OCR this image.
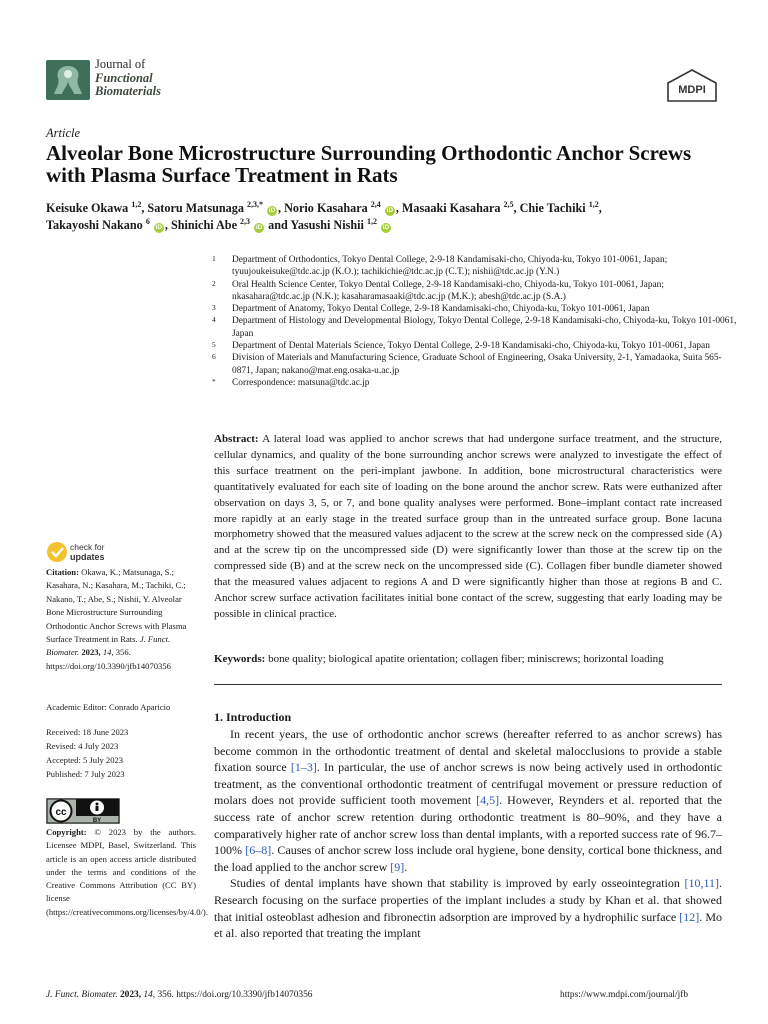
Journal of
Functional
Biomaterials	MDPI
Article
Alveolar Bone Microstructure Surrounding Orthodontic Anchor Screws with Plasma Surface Treatment in Rats
Keisuke Okawa $^{1,2}$, Satoru Matsunaga $^{2,3,*}$ iD , Norio Kasahara $^{2,4}$ iD , Masaaki Kasahara $^{2,5}$, Chie Tachiki $^{1,2}$,
Takayoshi Nakano $^6$ iD , Shinichi Abe $^{2,3}$ iD and Yasushi Nishii $^{1,2}$ iD
1 Department of Orthodontics, Tokyo Dental College, 2-9-18 Kandamisaki-cho, Chiyoda-ku, Tokyo 101-0061, Japan; tyuujoukeisuke@tdc.ac.jp (K.O.); tachikichie@tdc.ac.jp (C.T.); nishii@tdc.ac.jp (Y.N.)
2 Oral Health Science Center, Tokyo Dental College, 2-9-18 Kandamisaki-cho, Chiyoda-ku, Tokyo 101-0061, Japan; nkasahara@tdc.ac.jp (N.K.); kasaharamasaaki@tdc.ac.jp (M.K.); abesh@tdc.ac.jp (S.A.)
3 Department of Anatomy, Tokyo Dental College, 2-9-18 Kandamisaki-cho, Chiyoda-ku, Tokyo 101-0061, Japan
4 Department of Histology and Developmental Biology, Tokyo Dental College, 2-9-18 Kandamisaki-cho, Chiyoda-ku, Tokyo 101-0061, Japan
5 Department of Dental Materials Science, Tokyo Dental College, 2-9-18 Kandamisaki-cho, Chiyoda-ku, Tokyo 101-0061, Japan
6 Division of Materials and Manufacturing Science, Graduate School of Engineering, Osaka University, 2-1, Yamadaoka, Suita 565-0871, Japan; nakano@mat.eng.osaka-u.ac.jp
* Correspondence: matsuna@tdc.ac.jp

Abstract: A lateral load was applied to anchor screws that had undergone surface treatment, and the structure, cellular dynamics, and quality of the bone surrounding anchor screws were analyzed to investigate the effect of this surface treatment on the peri-implant jawbone. In addition, bone microstructural characteristics were quantitatively evaluated for each site of loading on the bone around the anchor screw. Rats were euthanized after observation on days 3, 5, or 7, and bone quality analyses were performed. Bone–implant contact rate increased more rapidly at an early stage in the treated surface group than in the untreated surface group. Bone lacuna morphometry showed that the measured values adjacent to the screw at the screw neck on the compressed side (A) and at the screw tip on the uncompressed side (D) were significantly lower than those at the screw tip on the compressed side (B) and at the screw neck on the uncompressed side (C). Collagen fiber bundle diameter showed that the measured values adjacent to regions A and D were significantly higher than those at regions B and C. Anchor screw surface activation facilitates initial bone contact of the screw, suggesting that early loading may be possible in clinical practice.

Keywords: bone quality; biological apatite orientation; collagen fiber; miniscrews; horizontal loading
check for
updates
Citation: Okawa, K.; Matsunaga, S.; Kasahara, N.; Kasahara, M.; Tachiki, C.; Nakano, T.; Abe, S.; Nishii, Y. Alveolar Bone Microstructure Surrounding Orthodontic Anchor Screws with Plasma Surface Treatment in Rats. J. Funct. Biomater. 2023, 14, 356. https://doi.org/10.3390/jfb14070356
Academic Editor: Conrado Aparicio
Received: 18 June 2023
Revised: 4 July 2023
Accepted: 5 July 2023
Published: 7 July 2023
cc
BY
Copyright: © 2023 by the authors. Licensee MDPI, Basel, Switzerland. This article is an open access article distributed under the terms and conditions of the Creative Commons Attribution (CC BY) license (https://creativecommons.org/licenses/by/4.0/).
1. Introduction

In recent years, the use of orthodontic anchor screws (hereafter referred to as anchor screws) has become common in the orthodontic treatment of dental and skeletal malocclusions to provide a stable fixation source [1–3]. In particular, the use of anchor screws is now being actively used in orthodontic treatment, as the conventional orthodontic treatment of centrifugal movement or pressure reduction of molars does not provide sufficient tooth movement [4,5]. However, Reynders et al. reported that the success rate of anchor screw retention during orthodontic treatment is 80–90%, and they have a comparatively higher rate of anchor screw loss than dental implants, with a reported success rate of 96.7–100% [6–8]. Causes of anchor screw loss include oral hygiene, bone density, cortical bone thickness, and the load applied to the anchor screw [9].

Studies of dental implants have shown that stability is improved by early osseointegration [10,11]. Research focusing on the surface properties of the implant includes a study by Khan et al. that showed that initial osteoblast adhesion and fibronectin adsorption are improved by a hydrophilic surface [12]. Mo et al. also reported that treating the implant

J. Funct. Biomater. 2023, 14, 356. https://doi.org/10.3390/jfb14070356	https://www.mdpi.com/journal/jfb
